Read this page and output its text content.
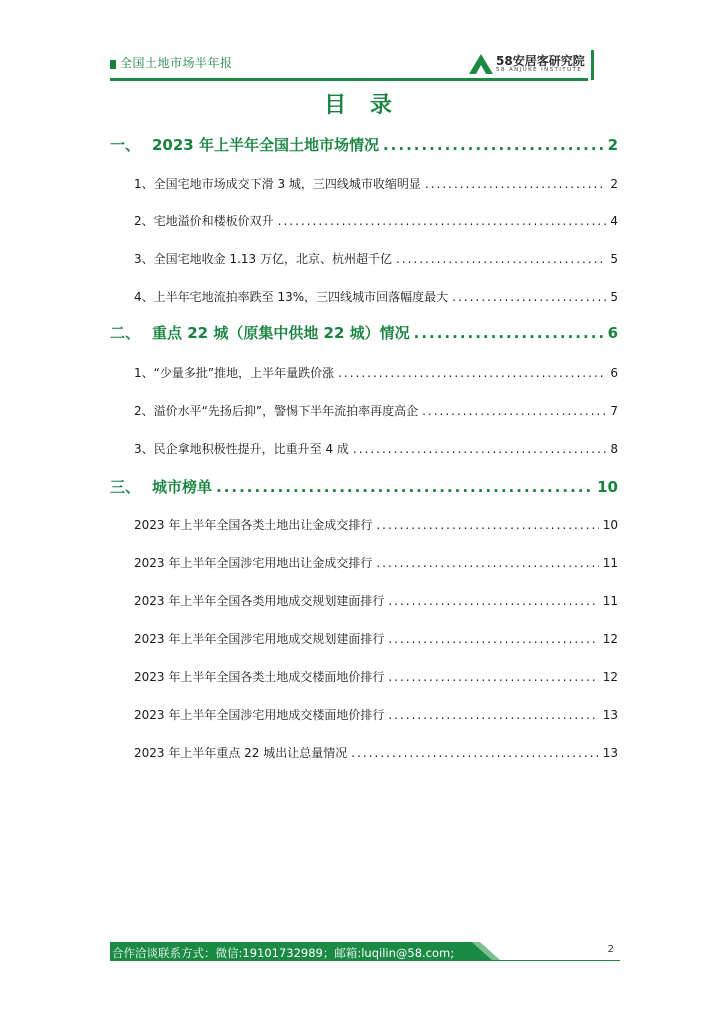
全国土地市场半年报	58安居客研究院
58 ANJUKE INSTITUTE
目 录
一、 2023 年上半年全国土地市场情况 .....	2
1、全国宅地市场成交下滑 3 城，三四线城市收缩明显 .....	2
2、宅地溢价和楼板价双升 .....	4
3、全国宅地收金 1.13 万亿，北京、杭州超千亿 .....	5
4、上半年宅地流拍率跌至 13%，三四线城市回落幅度最大 .....	5
二、 重点 22 城（原集中供地 22 城）情况 .....	6
1、“少量多批”推地，上半年量跌价涨 .....	6
2、溢价水平“先扬后抑”，警惕下半年流拍率再度高企 .....	7
3、民企拿地积极性提升，比重升至 4 成 .....	8
三、 城市榜单 .....	10
2023 年上半年全国各类土地出让金成交排行 .....	10
2023 年上半年全国涉宅用地出让金成交排行 .....	11
2023 年上半年全国各类用地成交规划建面排行 .....	11
2023 年上半年全国涉宅用地成交规划建面排行 .....	12
2023 年上半年全国各类土地成交楼面地价排行 .....	12
2023 年上半年全国涉宅用地成交楼面地价排行 .....	13
2023 年上半年重点 22 城出让总量情况 .....	13
合作洽谈联系方式：微信:19101732989；邮箱:luqilin@58.com;	2
